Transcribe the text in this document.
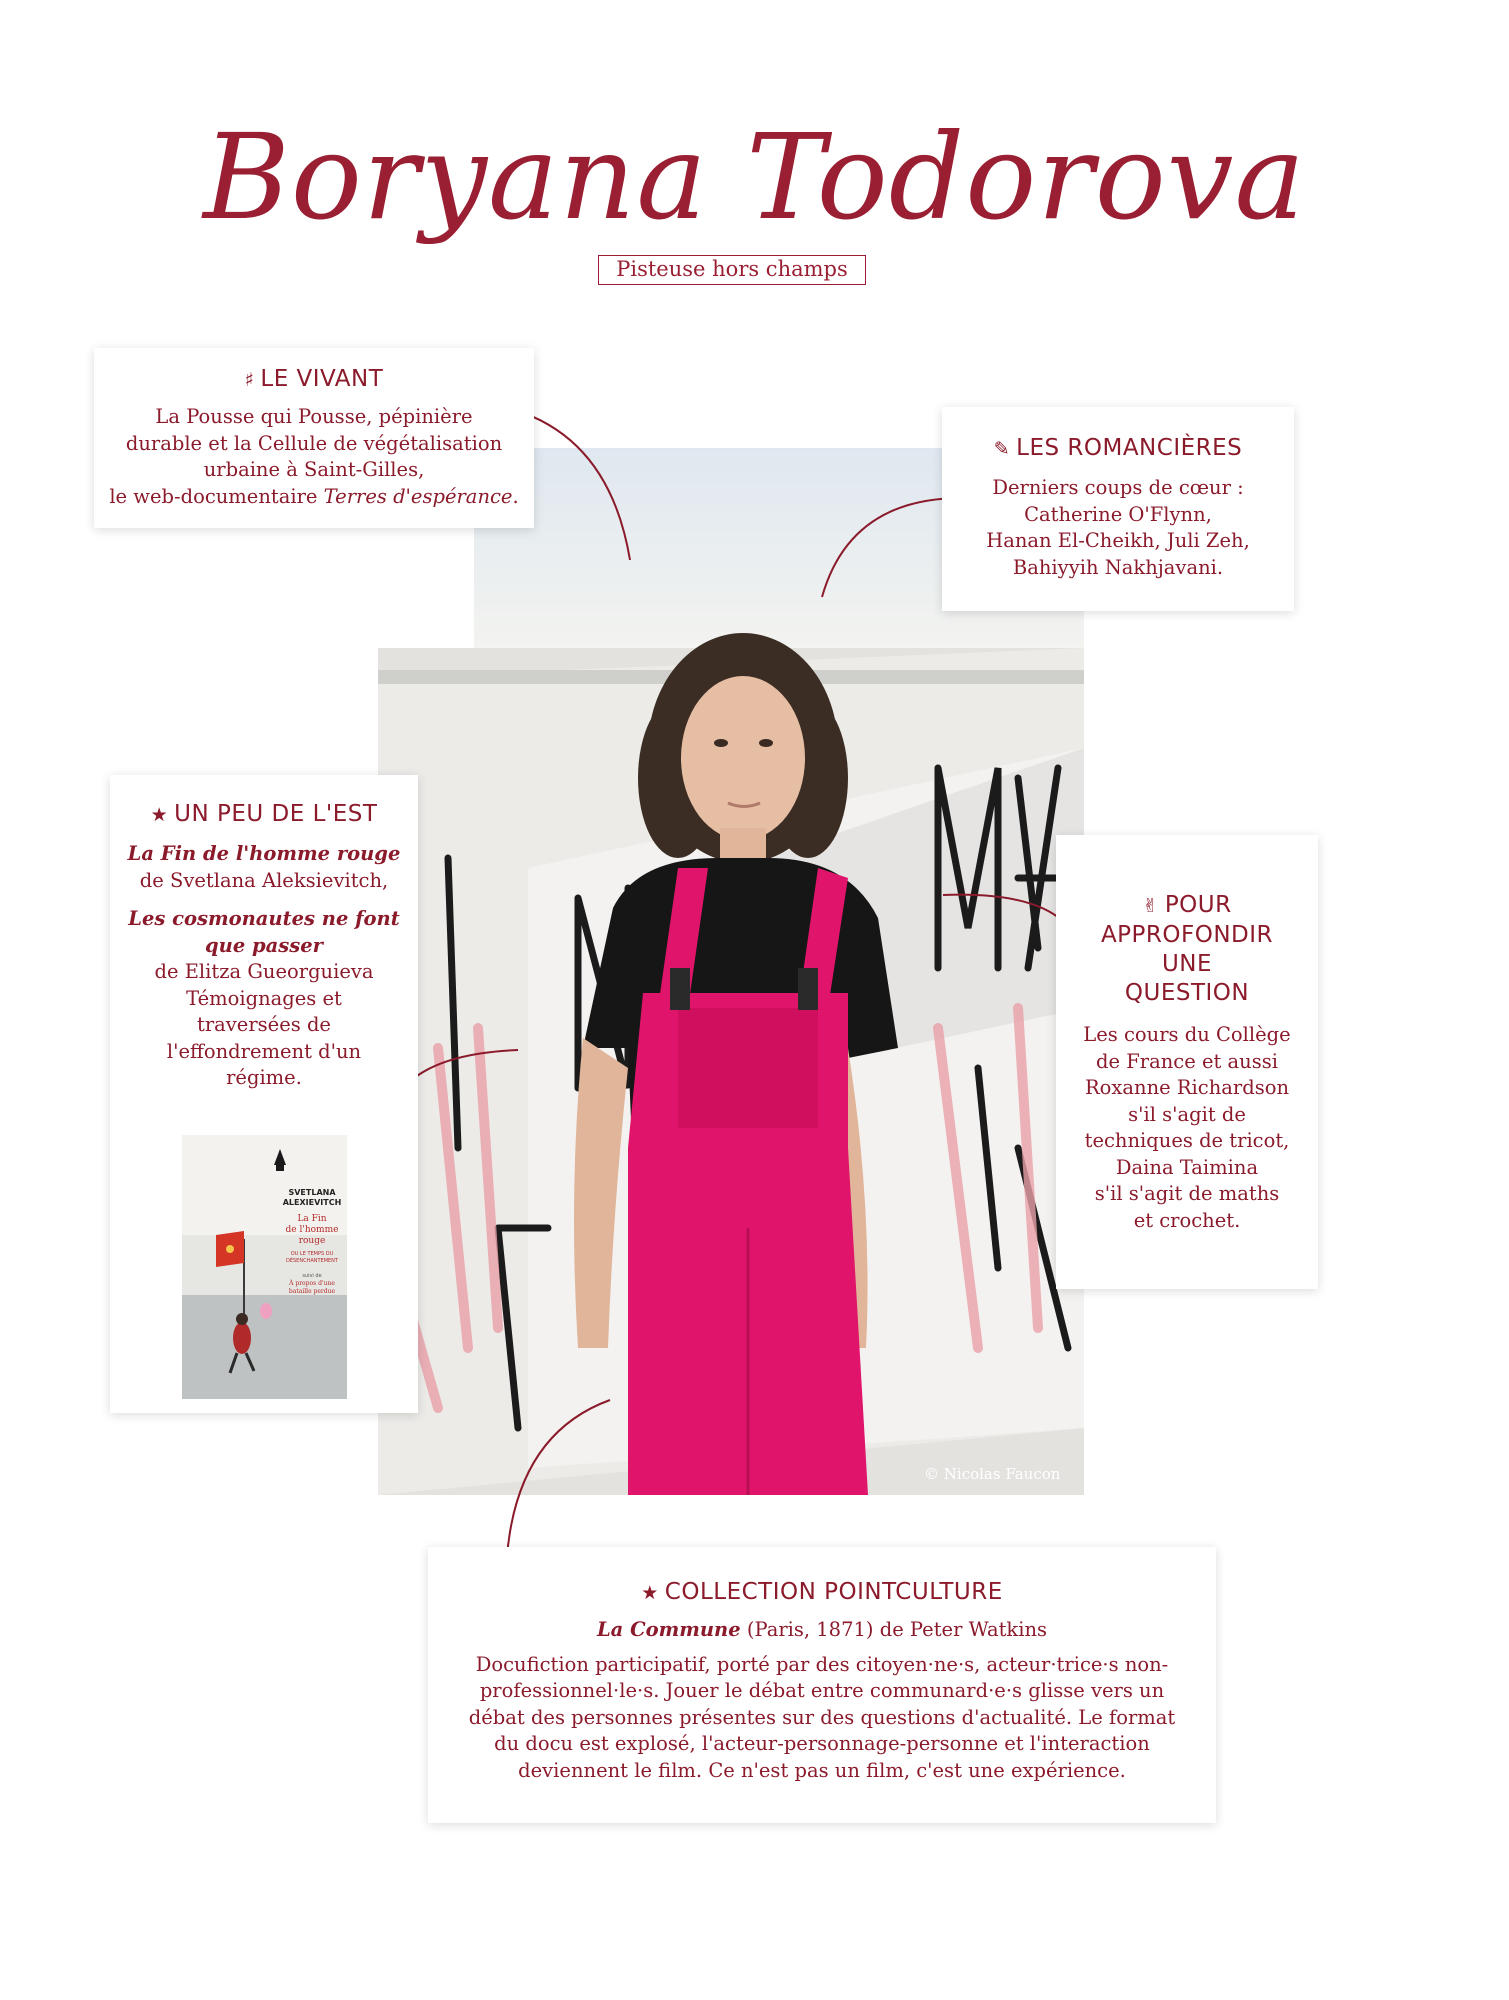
Boryana Todorova
Pisteuse hors champs
© Nicolas Faucon
♯ LE VIVANT

La Pousse qui Pousse, pépinière

durable et la Cellule de végétalisation

urbaine à Saint-Gilles,

le web-documentaire Terres d'espérance.

✎ LES ROMANCIÈRES

Derniers coups de cœur :

Catherine O'Flynn,

Hanan El-Cheikh, Juli Zeh,

Bahiyyih Nakhjavani.

★ UN PEU DE L'EST

La Fin de l'homme rouge

de Svetlana Aleksievitch,

Les cosmonautes ne font

que passer

de Elitza Gueorguieva

Témoignages et

traversées de

l'effondrement d'un

régime.

SVETLANA
ALEXIEVITCH
La Fin
de l'homme
rouge
OU LE TEMPS DU
DÉSENCHANTEMENT
suivi de
À propos d'une
bataille perdue
✌ POUR
APPROFONDIR
UNE
QUESTION

Les cours du Collège

de France et aussi

Roxanne Richardson

s'il s'agit de

techniques de tricot,

Daina Taimina

s'il s'agit de maths

et crochet.

★ COLLECTION POINTCULTURE

La Commune (Paris, 1871) de Peter Watkins

Docufiction participatif, porté par des citoyen·ne·s, acteur·trice·s non-

professionnel·le·s. Jouer le débat entre communard·e·s glisse vers un

débat des personnes présentes sur des questions d'actualité. Le format

du docu est explosé, l'acteur-personnage-personne et l'interaction

deviennent le film. Ce n'est pas un film, c'est une expérience.
